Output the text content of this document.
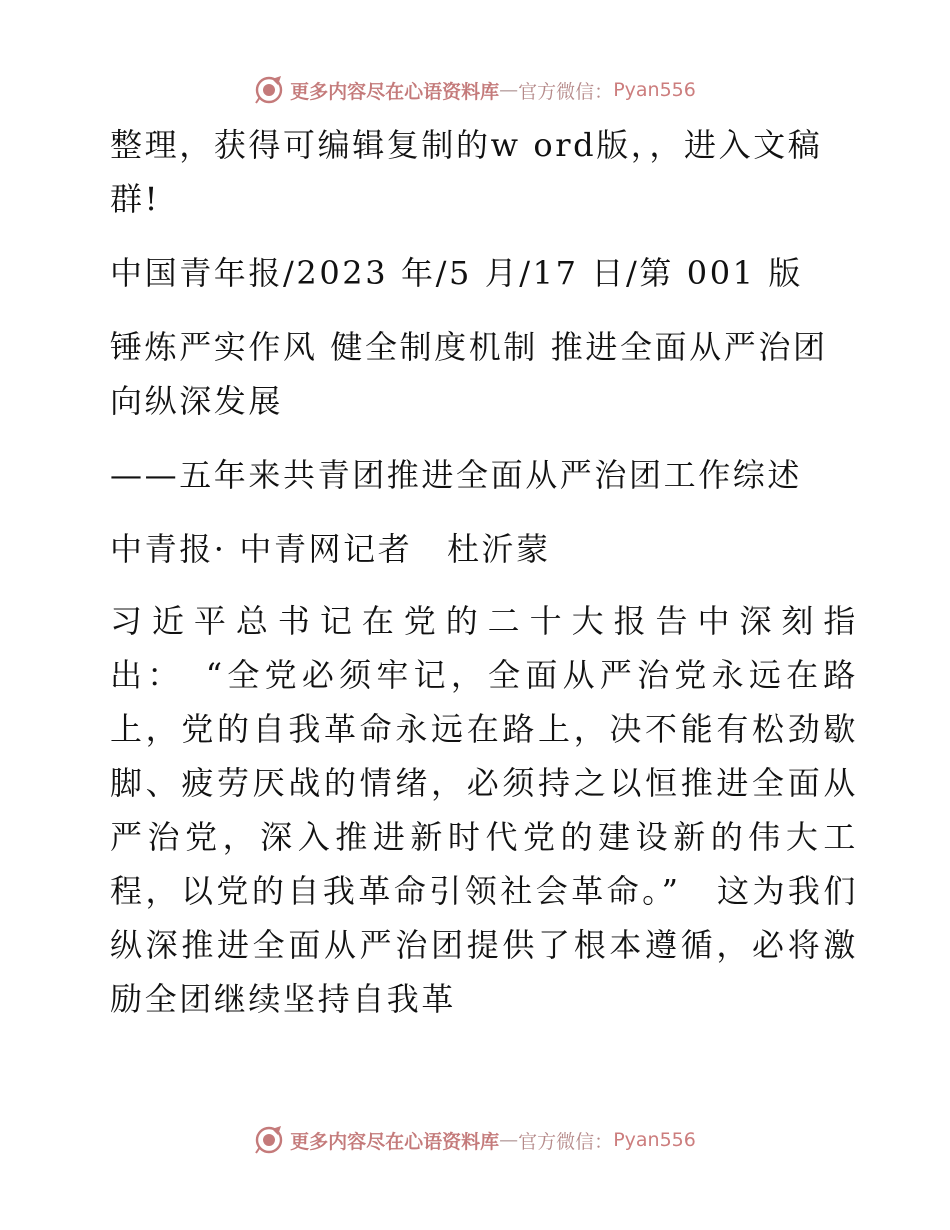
更多内容尽在心语资料库 — 官方微信： Pyan556

整理，获得可编辑复制的w ord版，，进入文稿群!

中国青年报/2023 年/5 月/17 日/第 001 版

锤炼严实作风 健全制度机制 推进全面从严治团向纵深发展

——五年来共青团推进全面从严治团工作综述

中青报· 中青网记者　杜沂蒙

习近平总书记在党的二十大报告中深刻指出：　“全党必须牢记，全面从严治党永远在路上，党的自我革命永远在路上，决不能有松劲歇脚、疲劳厌战的情绪，必须持之以恒推进全面从严治党，深入推进新时代党的建设新的伟大工程，以党的自我革命引领社会革命。”　这为我们纵深推进全面从严治团提供了根本遵循，必将激励全团继续坚持自我革

更多内容尽在心语资料库 — 官方微信： Pyan556
